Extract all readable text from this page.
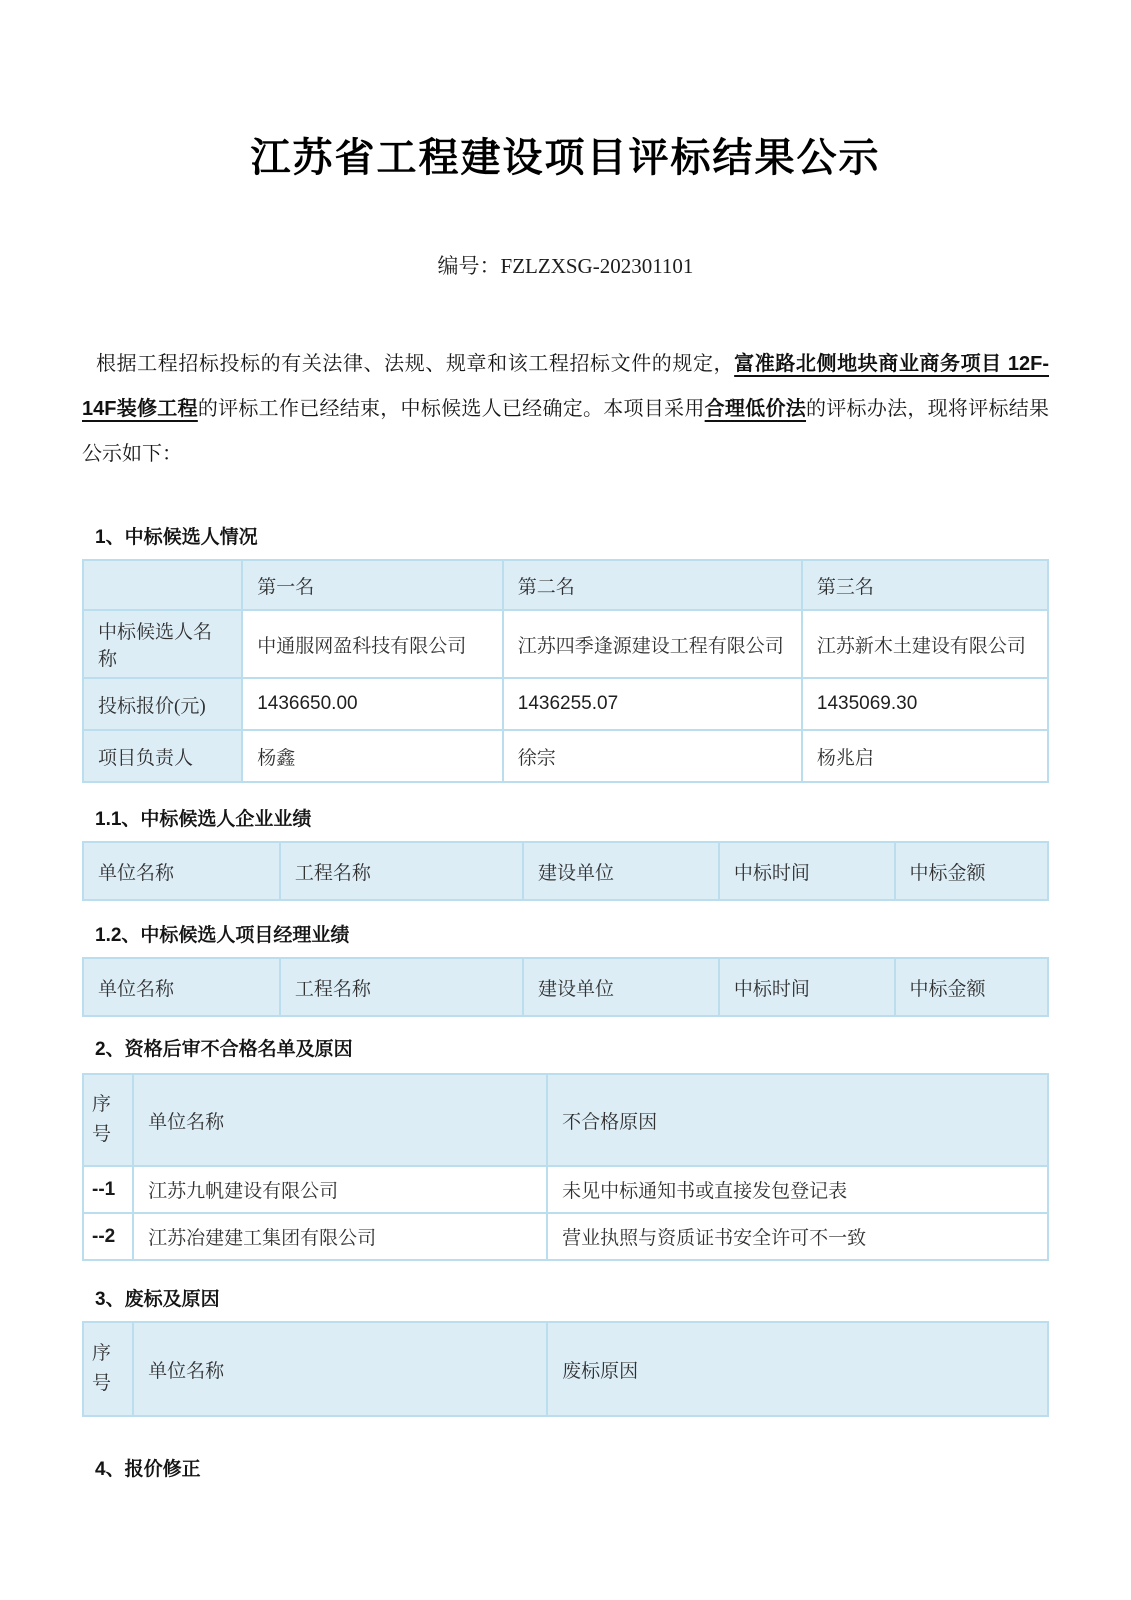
江苏省工程建设项目评标结果公示
编号：FZLZXSG-202301101

根据工程招标投标的有关法律、法规、规章和该工程招标文件的规定，富准路北侧地块商业商务项目 12F-14F装修工程的评标工作已经结束，中标候选人已经确定。本项目采用合理低价法的评标办法，现将评标结果公示如下：

1、中标候选人情况
	第一名	第二名	第三名
中标候选人名称	中通服网盈科技有限公司	江苏四季逢源建设工程有限公司	江苏新木土建设有限公司
投标报价(元)	1436650.00	1436255.07	1435069.30
项目负责人	杨鑫	徐宗	杨兆启
1.1、中标候选人企业业绩
单位名称	工程名称	建设单位	中标时间	中标金额
1.2、中标候选人项目经理业绩
单位名称	工程名称	建设单位	中标时间	中标金额
2、资格后审不合格名单及原因
序号	单位名称	不合格原因
--1	江苏九帆建设有限公司	未见中标通知书或直接发包登记表
--2	江苏冶建建工集团有限公司	营业执照与资质证书安全许可不一致
3、废标及原因
序号	单位名称	废标原因
4、报价修正
